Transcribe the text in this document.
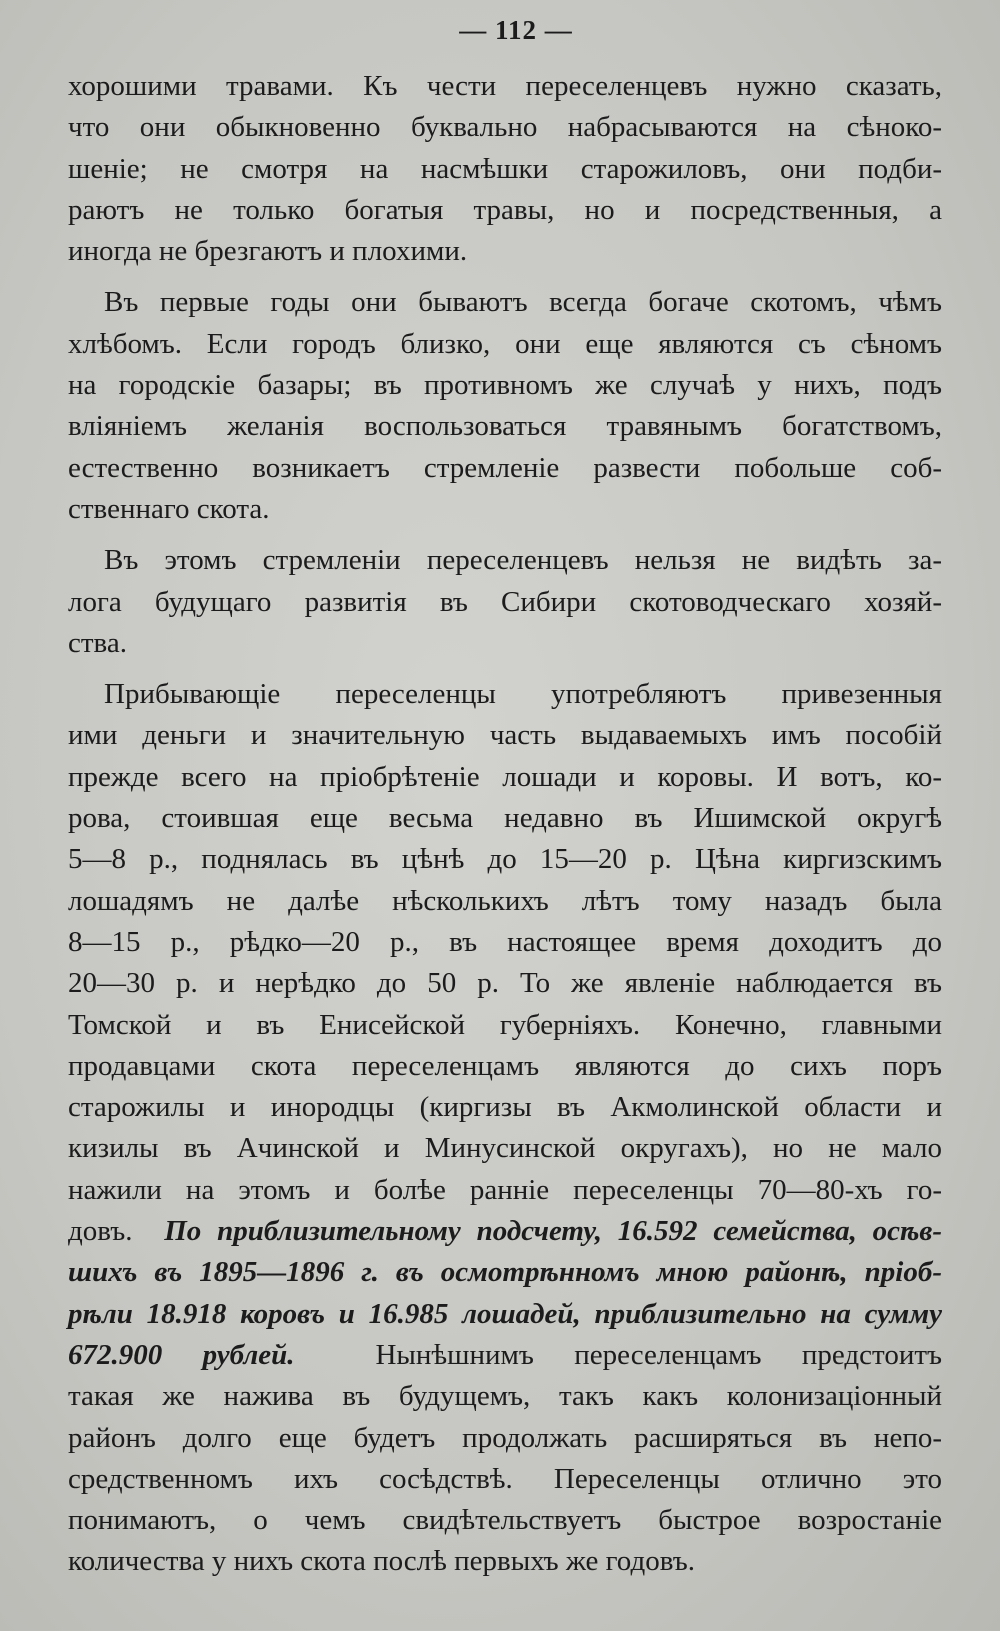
— 112 —
хорошими травами. Къ чести переселенцевъ нужно сказать,
что они обыкновенно буквально набрасываются на сѣноко-
шеніе; не смотря на насмѣшки старожиловъ, они подби-
раютъ не только богатыя травы, но и посредственныя, а
иногда не брезгаютъ и плохими.
Въ первые годы они бываютъ всегда богаче скотомъ, чѣмъ
хлѣбомъ. Если городъ близко, они еще являются съ сѣномъ
на городскіе базары; въ противномъ же случаѣ у нихъ, подъ
вліяніемъ желанія воспользоваться травянымъ богатствомъ,
естественно возникаетъ стремленіе развести побольше соб-
ственнаго скота.
Въ этомъ стремленіи переселенцевъ нельзя не видѣть за-
лога будущаго развитія въ Сибири скотоводческаго хозяй-
ства.
Прибывающіе переселенцы употребляютъ привезенныя
ими деньги и значительную часть выдаваемыхъ имъ пособій
прежде всего на пріобрѣтеніе лошади и коровы. И вотъ, ко-
рова, стоившая еще весьма недавно въ Ишимской округѣ
5—8 р., поднялась въ цѣнѣ до 15—20 р. Цѣна киргизскимъ
лошадямъ не далѣе нѣсколькихъ лѣтъ тому назадъ была
8—15 р., рѣдко—20 р., въ настоящее время доходитъ до
20—30 р. и нерѣдко до 50 р. То же явленіе наблюдается въ
Томской и въ Енисейской губерніяхъ. Конечно, главными
продавцами скота переселенцамъ являются до сихъ поръ
старожилы и инородцы (киргизы въ Акмолинской области и
кизилы въ Ачинской и Минусинской округахъ), но не мало
нажили на этомъ и болѣе ранніе переселенцы 70—80-хъ го-
довъ. По приблизительному подсчету, 16.592 семейства, осѣв-
шихъ въ 1895—1896 г. въ осмотрѣнномъ мною районѣ, пріоб-
рѣли 18.918 коровъ и 16.985 лошадей, приблизительно на сумму
672.900 рублей.	Нынѣшнимъ переселенцамъ предстоитъ
такая же нажива въ будущемъ, такъ какъ колонизаціонный
районъ долго еще будетъ продолжать расширяться въ непо-
средственномъ ихъ сосѣдствѣ. Переселенцы отлично это
понимаютъ, о чемъ свидѣтельствуетъ быстрое возростаніе
количества у нихъ скота послѣ первыхъ же годовъ.
